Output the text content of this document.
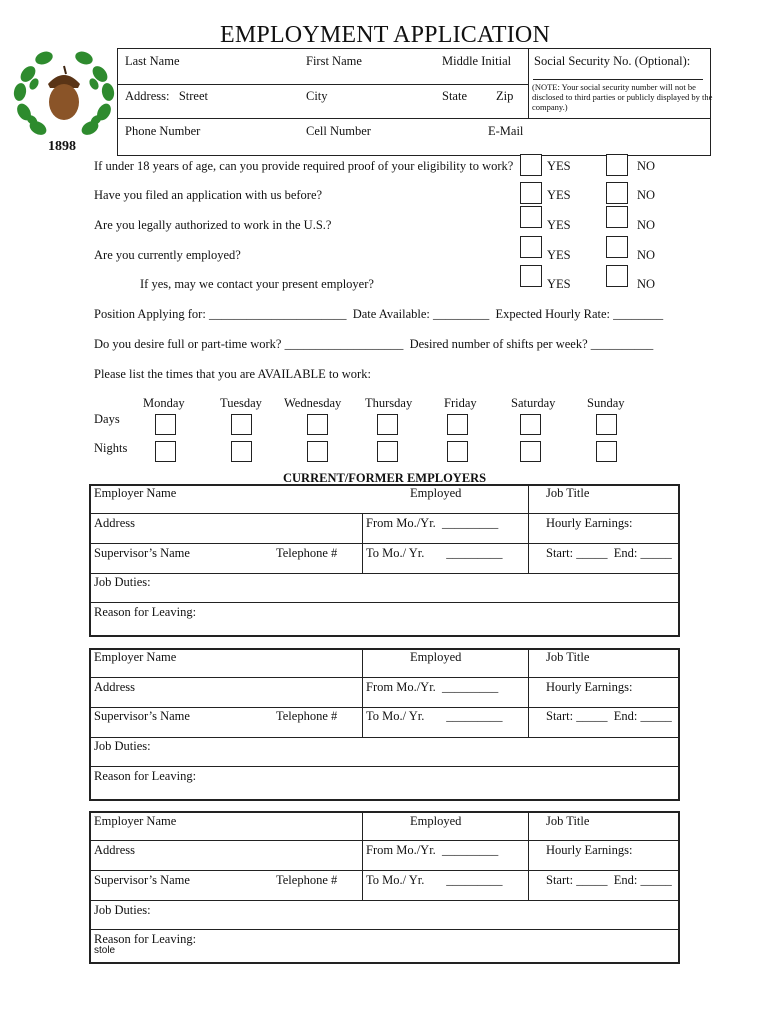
EMPLOYMENT APPLICATION
1898
Last Name	First Name	Middle Initial Social Security No. (Optional):
(NOTE: Your social security number will not be disclosed to third parties or publicly displayed by the company.)
Address:   Street	City	State Zip
Phone Number	Cell Number	E-Mail
If under 18 years of age, can you provide required proof of your eligibility to work?	YES	NO
Have you filed an application with us before?	YES	NO
Are you legally authorized to work in the U.S.?	YES	NO
Are you currently employed?	YES	NO
If yes, may we contact your present employer?	YES	NO
Position Applying for: ______________________  Date Available: _________  Expected Hourly Rate: ________
Do you desire full or part-time work? ___________________  Desired number of shifts per week? __________
Please list the times that you are AVAILABLE to work:
Monday	Tuesday Wednesday Thursday	Friday	Saturday	Sunday
Days
Nights
CURRENT/FORMER EMPLOYERS
Employer Name	Employed	Job Title
Address	From Mo./Yr.  _________	Hourly Earnings:
Supervisor’s Name	Telephone # To Mo./ Yr.       _________	Start: _____  End: _____
Job Duties:
Reason for Leaving:
Employer Name	Employed	Job Title
Address	From Mo./Yr.  _________	Hourly Earnings:
Supervisor’s Name	Telephone # To Mo./ Yr.       _________	Start: _____  End: _____
Job Duties:
Reason for Leaving:
Employer Name	Employed	Job Title
Address	From Mo./Yr.  _________	Hourly Earnings:
Supervisor’s Name	Telephone # To Mo./ Yr.       _________	Start: _____  End: _____
Job Duties:
Reason for Leaving:
stole
